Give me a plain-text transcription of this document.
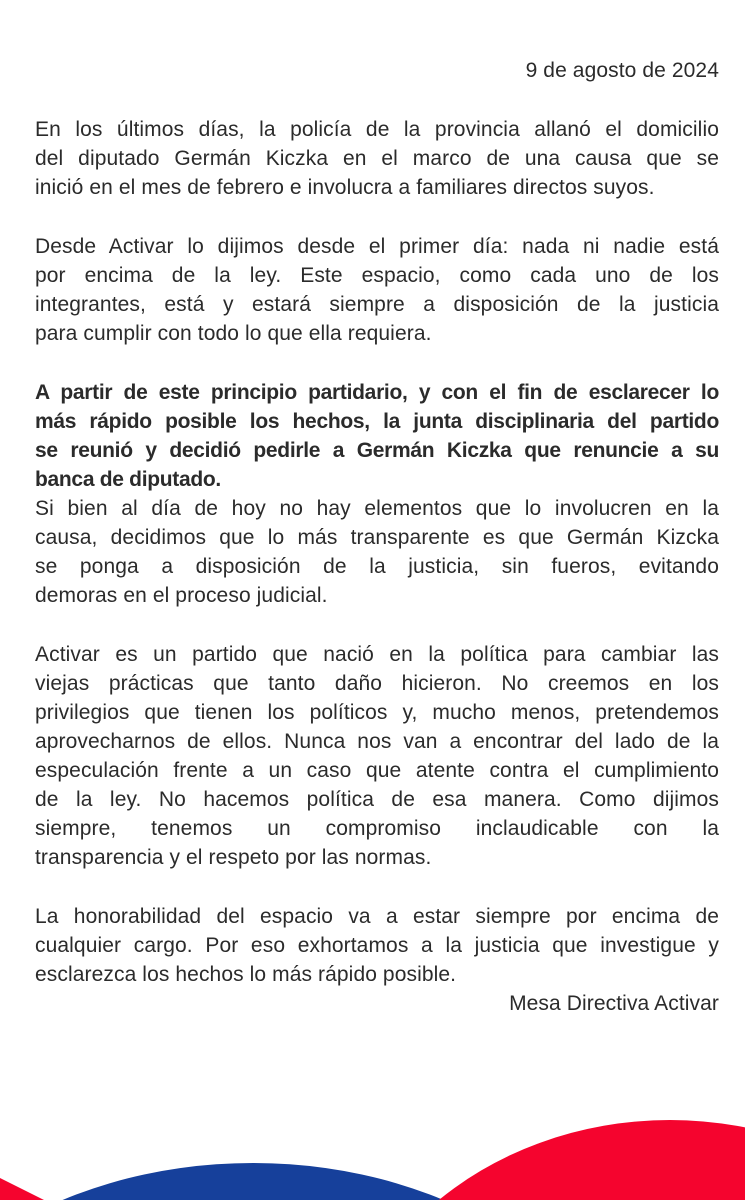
9 de agosto de 2024

En los últimos días, la policía de la provincia allanó el domicilio
del diputado Germán Kiczka en el marco de una causa que se
inició en el mes de febrero e involucra a familiares directos suyos.

Desde Activar lo dijimos desde el primer día: nada ni nadie está
por encima de la ley. Este espacio, como cada uno de los
integrantes, está y estará siempre a disposición de la justicia
para cumplir con todo lo que ella requiera.

A partir de este principio partidario, y con el fin de esclarecer lo
más rápido posible los hechos, la junta disciplinaria del partido
se reunió y decidió pedirle a Germán Kiczka que renuncie a su
banca de diputado.

Si bien al día de hoy no hay elementos que lo involucren en la
causa, decidimos que lo más transparente es que Germán Kizcka
se ponga a disposición de la justicia, sin fueros, evitando
demoras en el proceso judicial.

Activar es un partido que nació en la política para cambiar las
viejas prácticas que tanto daño hicieron. No creemos en los
privilegios que tienen los políticos y, mucho menos, pretendemos
aprovecharnos de ellos. Nunca nos van a encontrar del lado de la
especulación frente a un caso que atente contra el cumplimiento
de la ley. No hacemos política de esa manera. Como dijimos
siempre, tenemos un compromiso inclaudicable con la
transparencia y el respeto por las normas.

La honorabilidad del espacio va a estar siempre por encima de
cualquier cargo. Por eso exhortamos a la justicia que investigue y
esclarezca los hechos lo más rápido posible.

Mesa Directiva Activar
